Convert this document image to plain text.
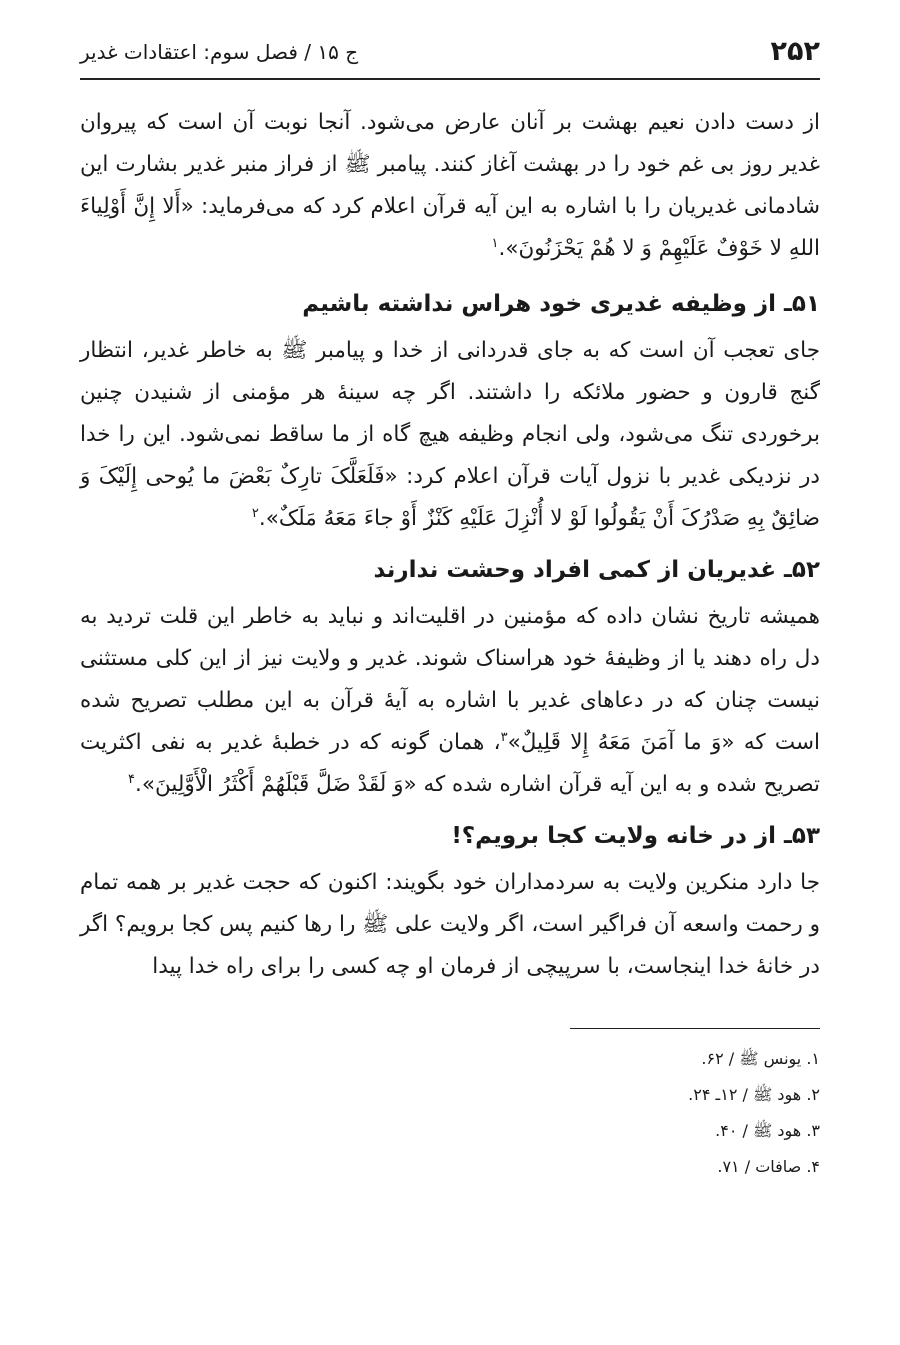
۲۵۲
ج ۱۵ / فصل سوم: اعتقادات غدیر

از دست دادن نعیم بهشت بر آنان عارض می‌شود. آنجا نوبت آن است که پیروان غدیر روز بی غم خود را در بهشت آغاز کنند. پیامبر ﷺ از فراز منبر غدیر بشارت این شادمانی غدیریان را با اشاره به این آیه قرآن اعلام کرد که می‌فرماید: «أَلا إِنَّ أَوْلِیاءَ اللهِ لا خَوْفٌ عَلَیْهِمْ وَ لا هُمْ یَحْزَنُونَ».$^۱$

۵۱ـ از وظیفه غدیری خود هراس نداشته باشیم

جای تعجب آن است که به جای قدردانی از خدا و پیامبر ﷺ به خاطر غدیر، انتظار گنج قارون و حضور ملائکه را داشتند. اگر چه سینهٔ هر مؤمنی از شنیدن چنین برخوردی تنگ می‌شود، ولی انجام وظیفه هیچ گاه از ما ساقط نمی‌شود. این را خدا در نزدیکی غدیر با نزول آیات قرآن اعلام کرد: «فَلَعَلَّکَ تارِکٌ بَعْضَ ما یُوحی إِلَیْکَ وَ ضائِقٌ بِهِ صَدْرُکَ أَنْ یَقُولُوا لَوْ لا أُنْزِلَ عَلَیْهِ کَنْزٌ أَوْ جاءَ مَعَهُ مَلَکٌ».$^۲$

۵۲ـ غدیریان از کمی افراد وحشت ندارند

همیشه تاریخ نشان داده که مؤمنین در اقلیت‌اند و نباید به خاطر این قلت تردید به دل راه دهند یا از وظیفهٔ خود هراسناک شوند. غدیر و ولایت نیز از این کلی مستثنی نیست چنان که در دعاهای غدیر با اشاره به آیهٔ قرآن به این مطلب تصریح شده است که «وَ ما آمَنَ مَعَهُ إِلا قَلِیلٌ»$^۳$، همان گونه که در خطبهٔ غدیر به نفی اکثریت تصریح شده و به این آیه قرآن اشاره شده که «وَ لَقَدْ ضَلَّ قَبْلَهُمْ أَکْثَرُ الْأَوَّلِینَ».$^۴$

۵۳ـ از در خانه ولایت کجا برویم؟!

جا دارد منکرین ولایت به سردمداران خود بگویند: اکنون که حجت غدیر بر همه تمام و رحمت واسعه آن فراگیر است، اگر ولایت علی ﷺ را رها کنیم پس کجا برویم؟ اگر در خانهٔ خدا اینجاست، با سرپیچی از فرمان او چه کسی را برای راه خدا پیدا

۱. یونس ﷺ / ۶۲.
۲. هود ﷺ / ۱۲ـ ۲۴.
۳. هود ﷺ / ۴۰.
۴. صافات / ۷۱.
